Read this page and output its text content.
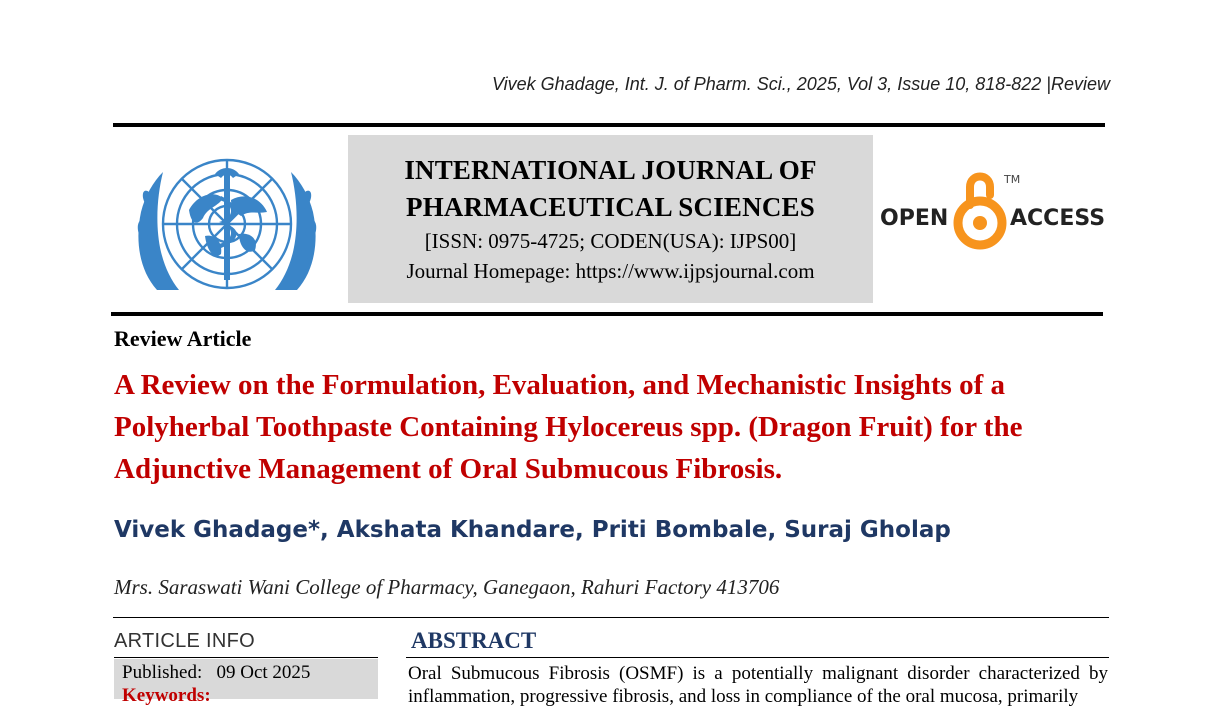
Vivek Ghadage, Int. J. of Pharm. Sci., 2025, Vol 3, Issue 10, 818-822 |Review
INTERNATIONAL JOURNAL OF
PHARMACEUTICAL SCIENCES
[ISSN: 0975-4725; CODEN(USA): IJPS00]
Journal Homepage: https://www.ijpsjournal.com
OPEN
TM
ACCESS
Review Article
A Review on the Formulation, Evaluation, and Mechanistic Insights of a Polyherbal Toothpaste Containing Hylocereus spp. (Dragon Fruit) for the Adjunctive Management of Oral Submucous Fibrosis.
Vivek Ghadage*, Akshata Khandare, Priti Bombale, Suraj Gholap
Mrs. Saraswati Wani College of Pharmacy, Ganegaon, Rahuri Factory 413706
ARTICLE INFO
Published: 09 Oct 2025
Keywords:
ABSTRACT
Oral Submucous Fibrosis (OSMF) is a potentially malignant disorder characterized by inflammation, progressive fibrosis, and loss in compliance of the oral mucosa, primarily
